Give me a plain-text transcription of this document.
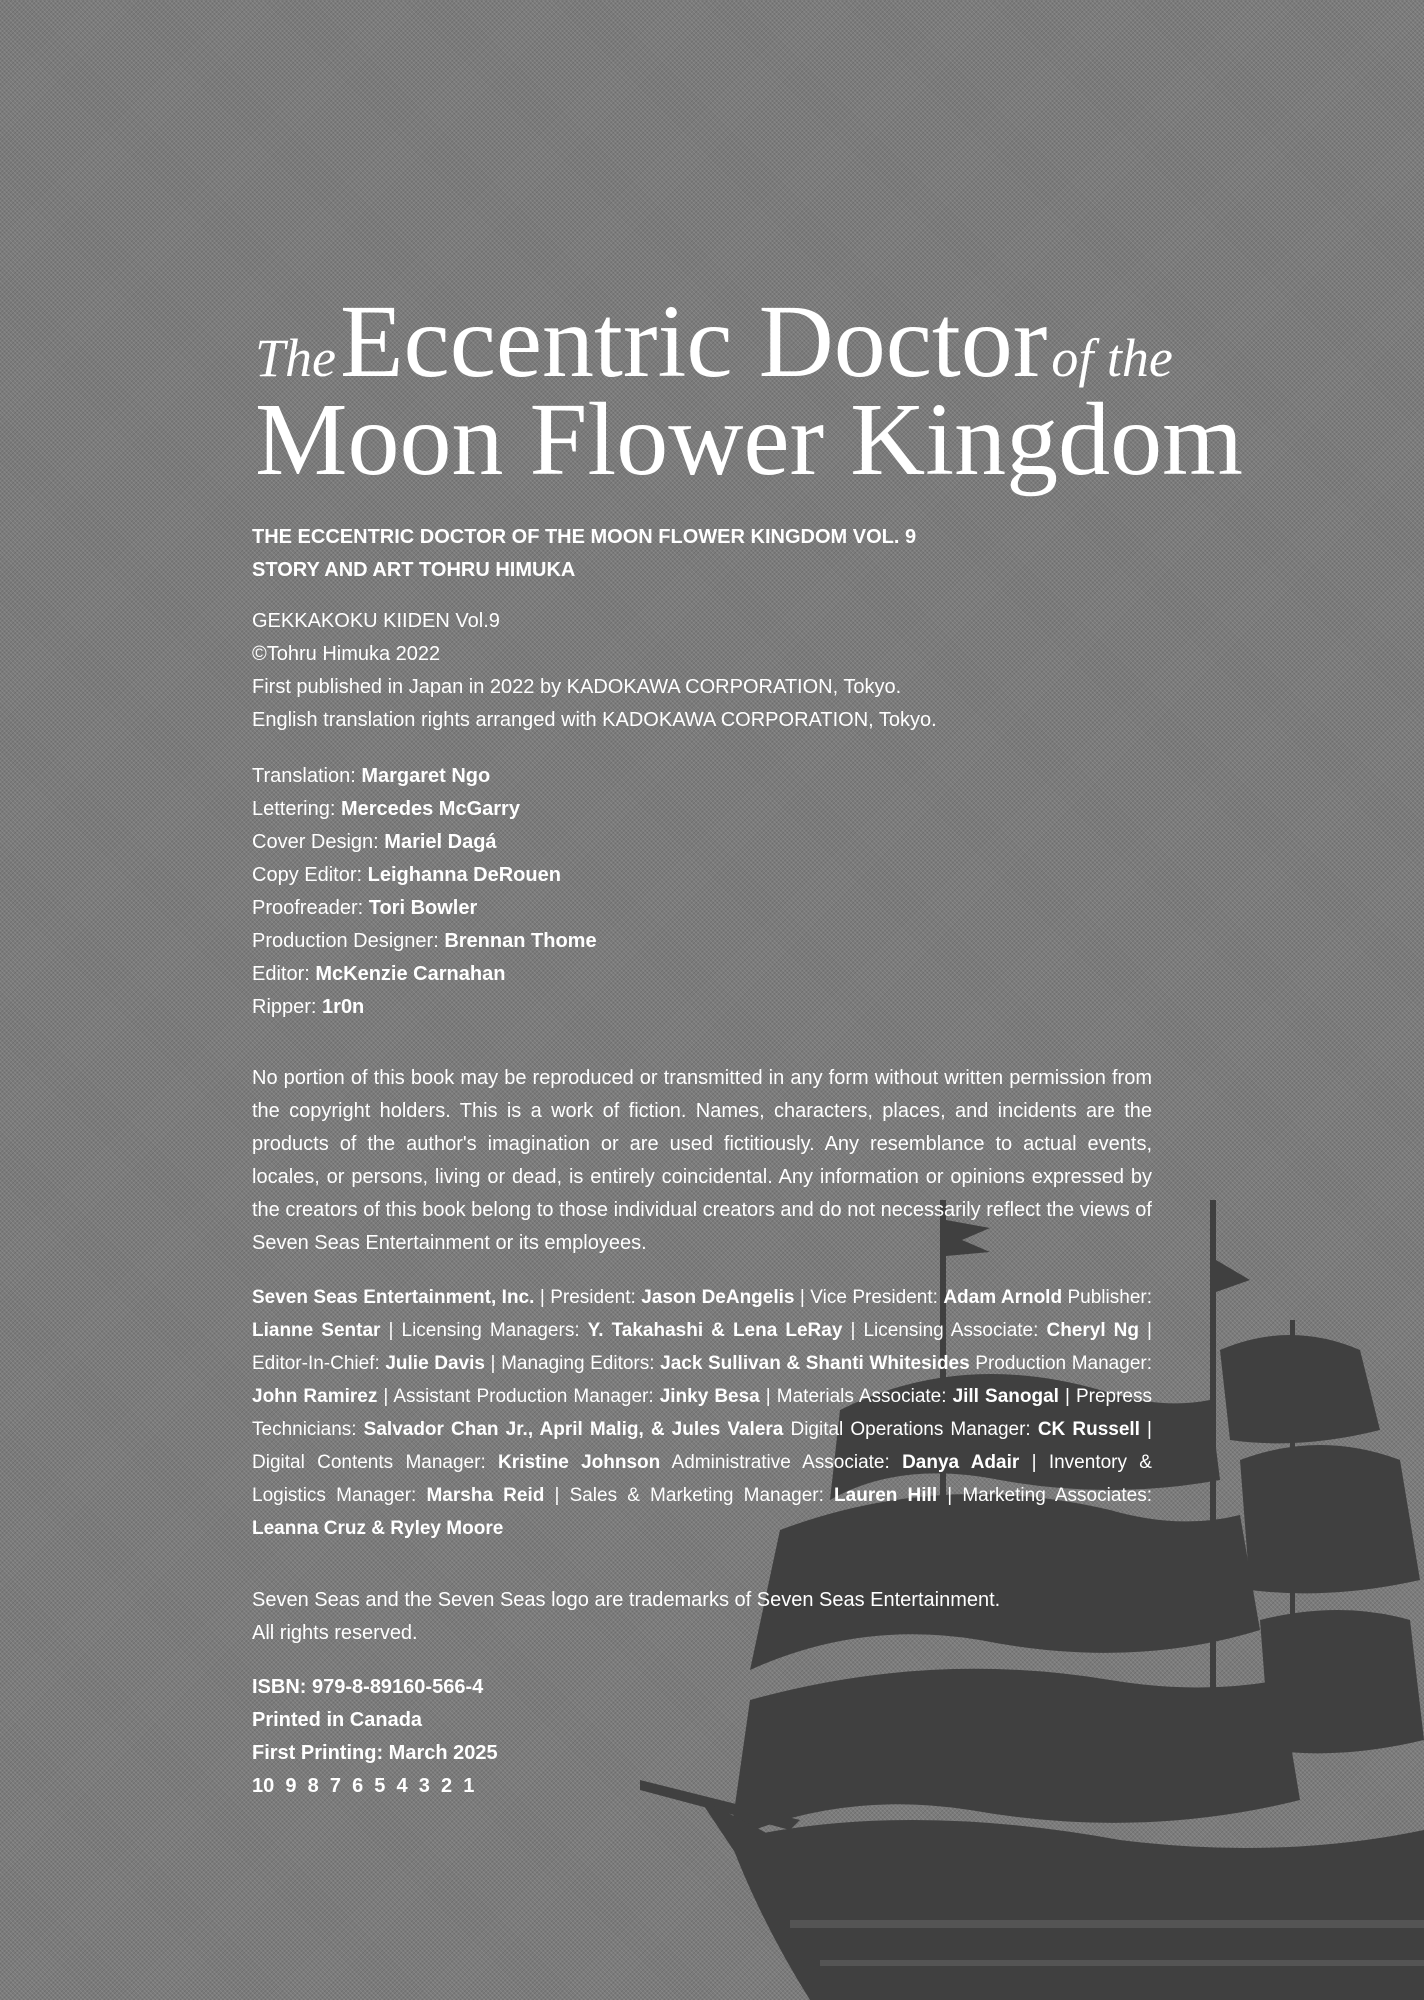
The Eccentric Doctor of the
Moon Flower Kingdom
THE ECCENTRIC DOCTOR OF THE MOON FLOWER KINGDOM VOL. 9
STORY AND ART TOHRU HIMUKA
GEKKAKOKU KIIDEN Vol.9
©Tohru Himuka 2022
First published in Japan in 2022 by KADOKAWA CORPORATION, Tokyo.
English translation rights arranged with KADOKAWA CORPORATION, Tokyo.
Translation: Margaret Ngo
Lettering: Mercedes McGarry
Cover Design: Mariel Dagá
Copy Editor: Leighanna DeRouen
Proofreader: Tori Bowler
Production Designer: Brennan Thome
Editor: McKenzie Carnahan
Ripper: 1r0n
No portion of this book may be reproduced or transmitted in any form without written permission from the copyright holders. This is a work of fiction. Names, characters, places, and incidents are the products of the author's imagination or are used fictitiously. Any resemblance to actual events, locales, or persons, living or dead, is entirely coincidental. Any information or opinions expressed by the creators of this book belong to those individual creators and do not necessarily reflect the views of Seven Seas Entertainment or its employees.
Seven Seas Entertainment, Inc. | President: Jason DeAngelis | Vice President: Adam Arnold Publisher: Lianne Sentar | Licensing Managers: Y. Takahashi & Lena LeRay | Licensing Associate: Cheryl Ng | Editor-In-Chief: Julie Davis | Managing Editors: Jack Sullivan & Shanti Whitesides Production Manager: John Ramirez | Assistant Production Manager: Jinky Besa | Materials Associate: Jill Sanogal | Prepress Technicians: Salvador Chan Jr., April Malig, & Jules Valera Digital Operations Manager: CK Russell | Digital Contents Manager: Kristine Johnson Administrative Associate: Danya Adair | Inventory & Logistics Manager: Marsha Reid | Sales & Marketing Manager: Lauren Hill | Marketing Associates: Leanna Cruz & Ryley Moore
Seven Seas and the Seven Seas logo are trademarks of Seven Seas Entertainment.
All rights reserved.
ISBN: 979-8-89160-566-4
Printed in Canada
First Printing: March 2025
10  9  8  7  6  5  4  3  2  1
